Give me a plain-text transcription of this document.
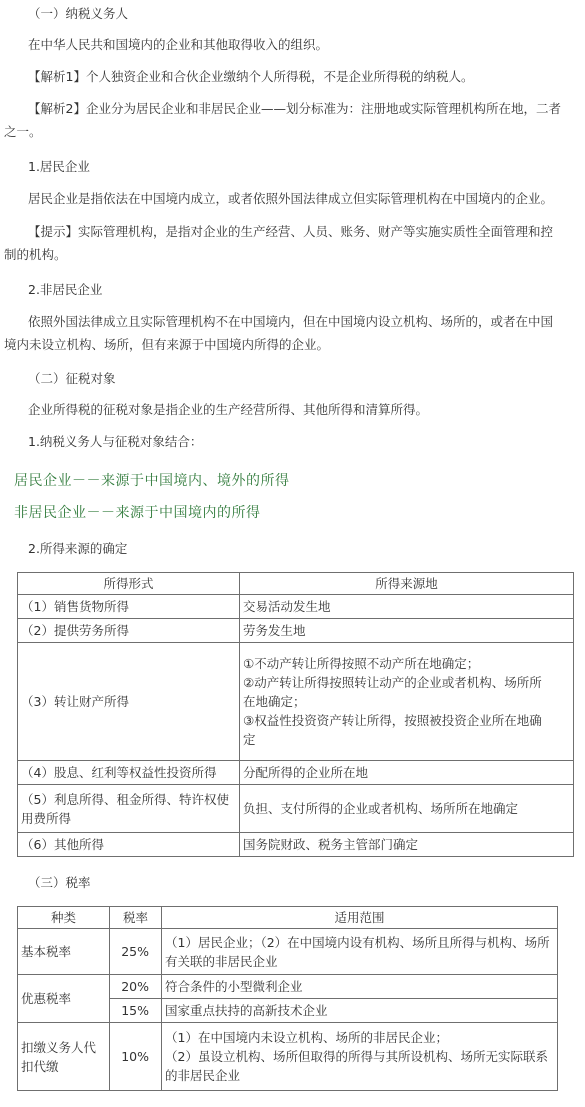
（一）纳税义务人
在中华人民共和国境内的企业和其他取得收入的组织。
【解析1】个人独资企业和合伙企业缴纳个人所得税，不是企业所得税的纳税人。
【解析2】企业分为居民企业和非居民企业——划分标准为：注册地或实际管理机构所在地，二者
之一。
1.居民企业
居民企业是指依法在中国境内成立，或者依照外国法律成立但实际管理机构在中国境内的企业。
【提示】实际管理机构，是指对企业的生产经营、人员、账务、财产等实施实质性全面管理和控
制的机构。
2.非居民企业
依照外国法律成立且实际管理机构不在中国境内，但在中国境内设立机构、场所的，或者在中国
境内未设立机构、场所，但有来源于中国境内所得的企业。
（二）征税对象
企业所得税的征税对象是指企业的生产经营所得、其他所得和清算所得。
1.纳税义务人与征税对象结合：
居民企业－－来源于中国境内、境外的所得
非居民企业－－来源于中国境内的所得
2.所得来源的确定
所得形式	所得来源地
（1）销售货物所得	交易活动发生地
（2）提供劳务所得	劳务发生地
（3）转让财产所得	①不动产转让所得按照不动产所在地确定；
②动产转让所得按照转让动产的企业或者机构、场所所
在地确定；
③权益性投资资产转让所得，按照被投资企业所在地确
定

（4）股息、红利等权益性投资所得	分配所得的企业所在地
（5）利息所得、租金所得、特许权使用费所得	负担、支付所得的企业或者机构、场所所在地确定
（6）其他所得	国务院财政、税务主管部门确定
（三）税率
种类	税率	适用范围
基本税率	25%	（1）居民企业；（2）在中国境内设有机构、场所且所得与机构、场所有关联的非居民企业
优惠税率	20%	符合条件的小型微利企业
	15%	国家重点扶持的高新技术企业
扣缴义务人代扣代缴	10%	（1）在中国境内未设立机构、场所的非居民企业；
（2）虽设立机构、场所但取得的所得与其所设机构、场所无实际联系的非居民企业
